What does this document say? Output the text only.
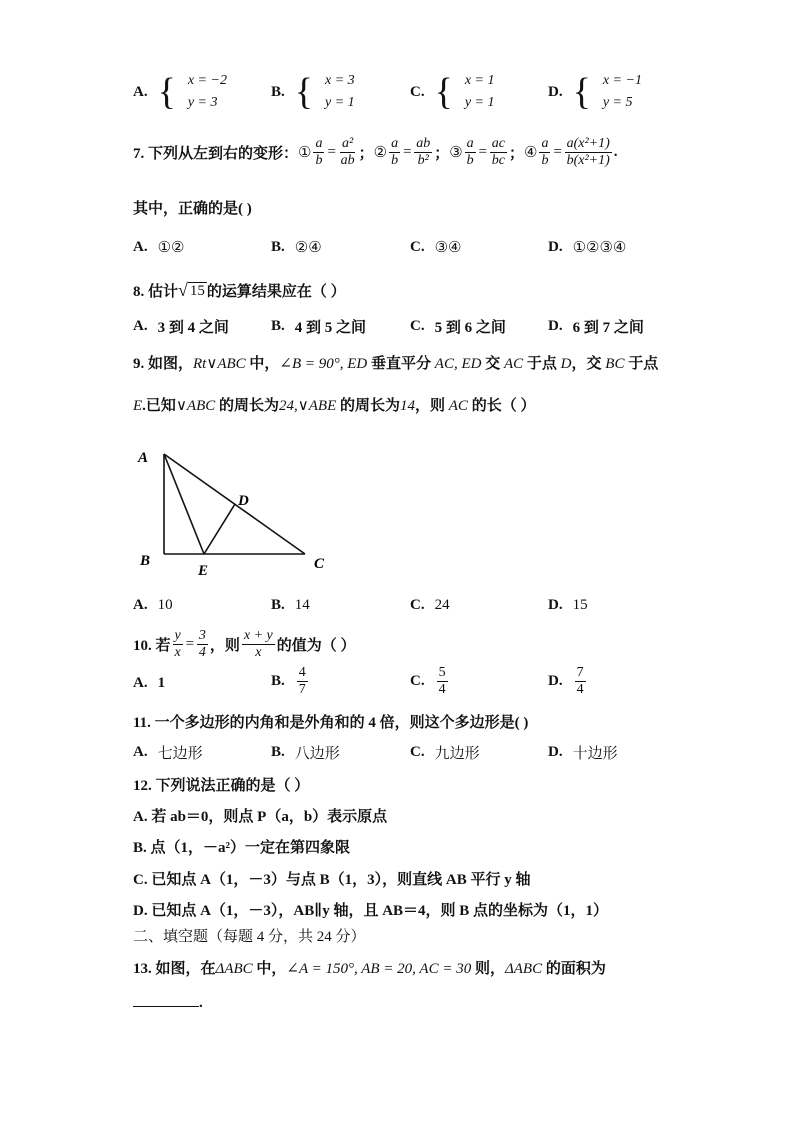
A. { x = −2
y = 3
B. { x = 3
y = 1
C. { x = 1
y = 1
D. { x = −1
y = 5
7. 下列从左到右的变形： ① $\frac{a}{b} = \frac{\text{a²}}{ab}$ ； ② $\frac{a}{b} = \frac{ab}{\text{b²}}$ ； ③ $\frac{a}{b} = \frac{ac}{bc}$ ； ④ $\frac{a}{b} = \frac{\text{a(x²+1)}}{\text{b(x²+1)}}$ .
其中，正确的是( )
A. ①②	B. ②④	C. ③④	D. ①②③④
8. 估计 √ 15 的运算结果应在（ ）
A. 3 到 4 之间	B. 4 到 5 之间	C. 5 到 6 之间	D. 6 到 7 之间
9. 如图，Rt∨ABC 中，∠B = 90°, ED 垂直平分 AC, ED 交 AC 于点 D，交 BC 于点
E.已知∨ABC 的周长为24,∨ABE 的周长为14，则 AC 的长（ ）
A
B	C
D
E
A. 10	B. 14	C. 24	D. 15
10. 若 $\frac{y}{x} = \frac{3}{4}$ ，则 $\frac{x + y}{x}$ 的值为（ ）
A. 1	B. $\frac{4}{7}$	C. $\frac{5}{4}$	D. $\frac{7}{4}$
11. 一个多边形的内角和是外角和的 4 倍，则这个多边形是( )
A. 七边形	B. 八边形	C. 九边形	D. 十边形
12. 下列说法正确的是（ ）
A. 若 ab＝0，则点 P（a，b）表示原点
B. 点（1，－a²）一定在第四象限
C. 已知点 A（1，－3）与点 B（1，3），则直线 AB 平行 y 轴
D. 已知点 A（1，－3），AB∥y 轴，且 AB＝4，则 B 点的坐标为（1，1）
二、填空题（每题 4 分，共 24 分）
13. 如图，在ΔABC 中，∠A = 150°, AB = 20, AC = 30 则，ΔABC 的面积为
.
